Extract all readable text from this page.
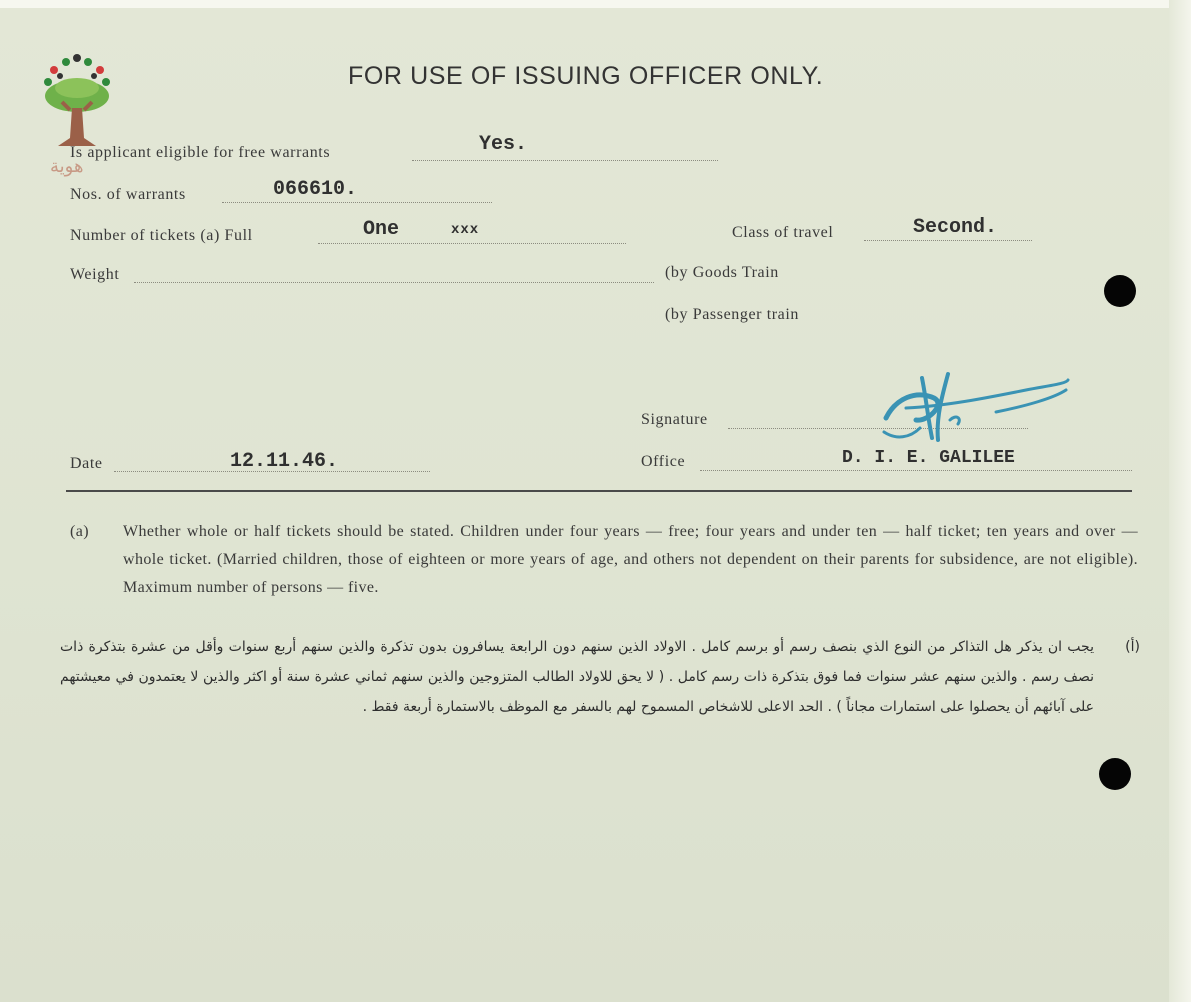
هوية
FOR USE OF ISSUING OFFICER ONLY.
Is applicant eligible for free warrants	Yes.
Nos. of warrants	066610.
Number of tickets (a) Full	One	xxx	Class of travel	Second.
Weight	(by Goods Train
(by Passenger train
Signature
Date	12.11.46.	Office	D. I. E. GALILEE
(a) Whether whole or half tickets should be stated. Children under four years — free; four years and under ten — half ticket; ten years and over — whole ticket. (Married children, those of eighteen or more years of age, and others not dependent on their parents for subsidence, are not eligible). Maximum number of persons — five.
(أ)
يجب ان يذكر هل التذاكر من النوع الذي بنصف رسم أو برسم كامل . الاولاد الذين سنهم دون الرابعة يسافرون بدون تذكرة والذين سنهم أربع سنوات وأقل من عشرة بتذكرة ذات نصف رسم . والذين سنهم عشر سنوات فما فوق بتذكرة ذات رسم كامل . ( لا يحق للاولاد الطالب المتزوجين والذين سنهم ثماني عشرة سنة أو اكثر والذين لا يعتمدون في معيشتهم على آبائهم أن يحصلوا على استمارات مجاناً ) . الحد الاعلى للاشخاص المسموح لهم بالسفر مع الموظف بالاستمارة أربعة فقط .
